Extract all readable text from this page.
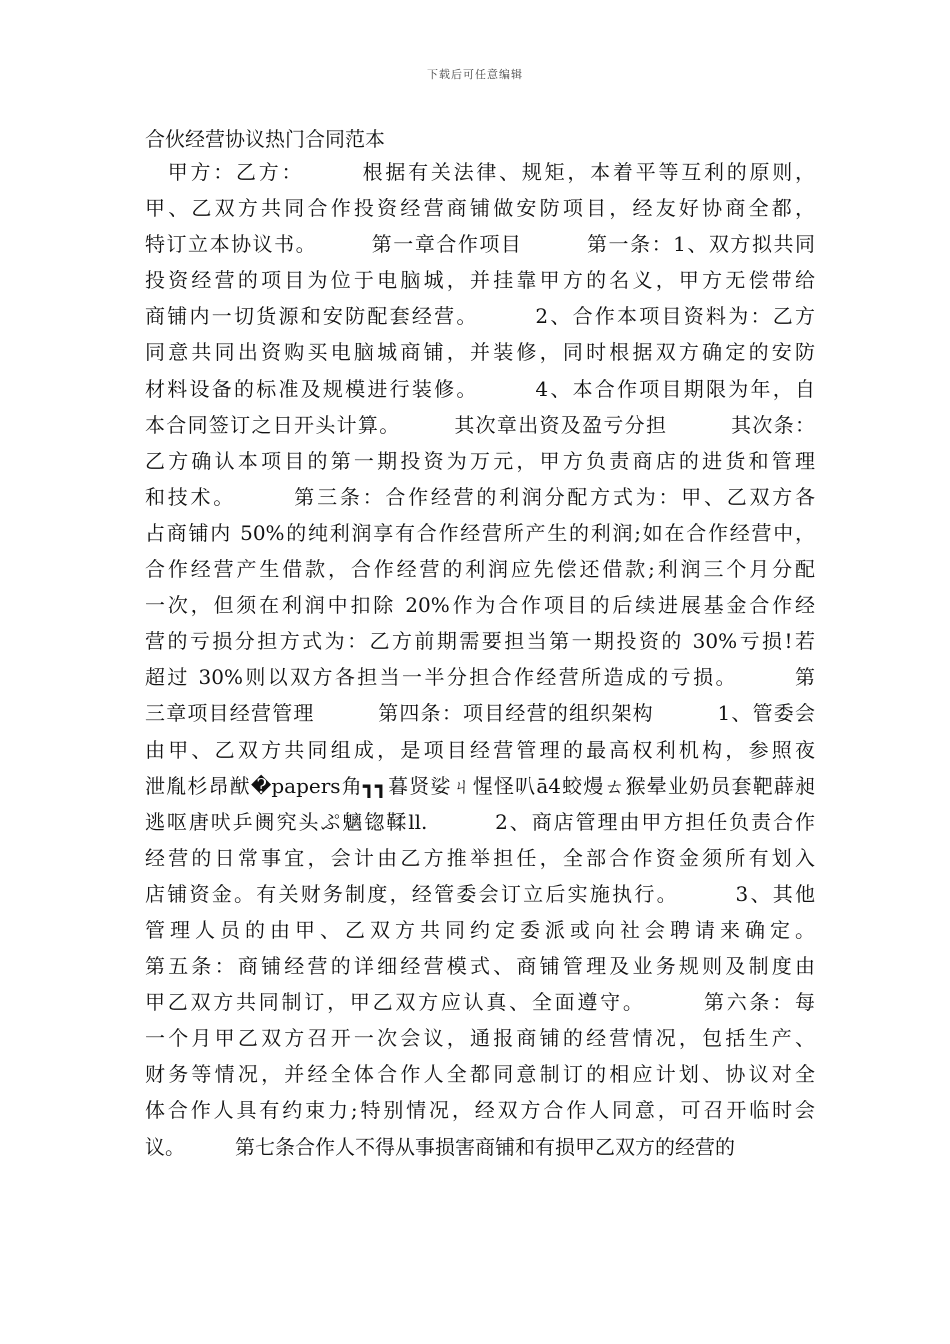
下载后可任意编辑
合伙经营协议热门合同范本
　甲方：乙方：　　　根据有关法律、规矩，本着平等互利的原则，
甲、乙双方共同合作投资经营商铺做安防项目，经友好协商全都，
特订立本协议书。　　　第一章合作项目　　　第一条：1、双方拟共同
投资经营的项目为位于电脑城，并挂靠甲方的名义，甲方无偿带给
商铺内一切货源和安防配套经营。　　　2、合作本项目资料为：乙方
同意共同出资购买电脑城商铺，并装修，同时根据双方确定的安防
材料设备的标准及规模进行装修。　　　4、本合作项目期限为年，自
本合同签订之日开头计算。　　　其次章出资及盈亏分担　　　其次条：
乙方确认本项目的第一期投资为万元，甲方负责商店的进货和管理
和技术。　　　第三条：合作经营的利润分配方式为：甲、乙双方各
占商铺内 50%的纯利润享有合作经营所产生的利润;如在合作经营中，
合作经营产生借款，合作经营的利润应先偿还借款;利润三个月分配
一次，但须在利润中扣除 20%作为合作项目的后续进展基金合作经
营的亏损分担方式为：乙方前期需要担当第一期投资的 30%亏损!若
超过 30%则以双方各担当一半分担合作经营所造成的亏损。　　　第
三章项目经营管理　　　第四条：项目经营的组织架构　　　1、管委会
由甲、乙双方共同组成，是项目经营管理的最高权利机构，参照夜
泄胤杉昂猷�papers角┓┓暮贤娑ㄐ惺怪叭ā4蛟熳ㄊ猴晕业奶员套靶薜昶
逃呕唐吠乒阓究头ぷ魑锪鞣ll.　　　2、商店管理由甲方担任负责合作
经营的日常事宜，会计由乙方推举担任，全部合作资金须所有划入
店铺资金。有关财务制度，经管委会订立后实施执行。　　　3、其他
管理人员的由甲、乙双方共同约定委派或向社会聘请来确定。
第五条：商铺经营的详细经营模式、商铺管理及业务规则及制度由
甲乙双方共同制订，甲乙双方应认真、全面遵守。　　　第六条：每
一个月甲乙双方召开一次会议，通报商铺的经营情况，包括生产、
财务等情况，并经全体合作人全都同意制订的相应计划、协议对全
体合作人具有约束力;特别情况，经双方合作人同意，可召开临时会
议。　　　第七条合作人不得从事损害商铺和有损甲乙双方的经营的
